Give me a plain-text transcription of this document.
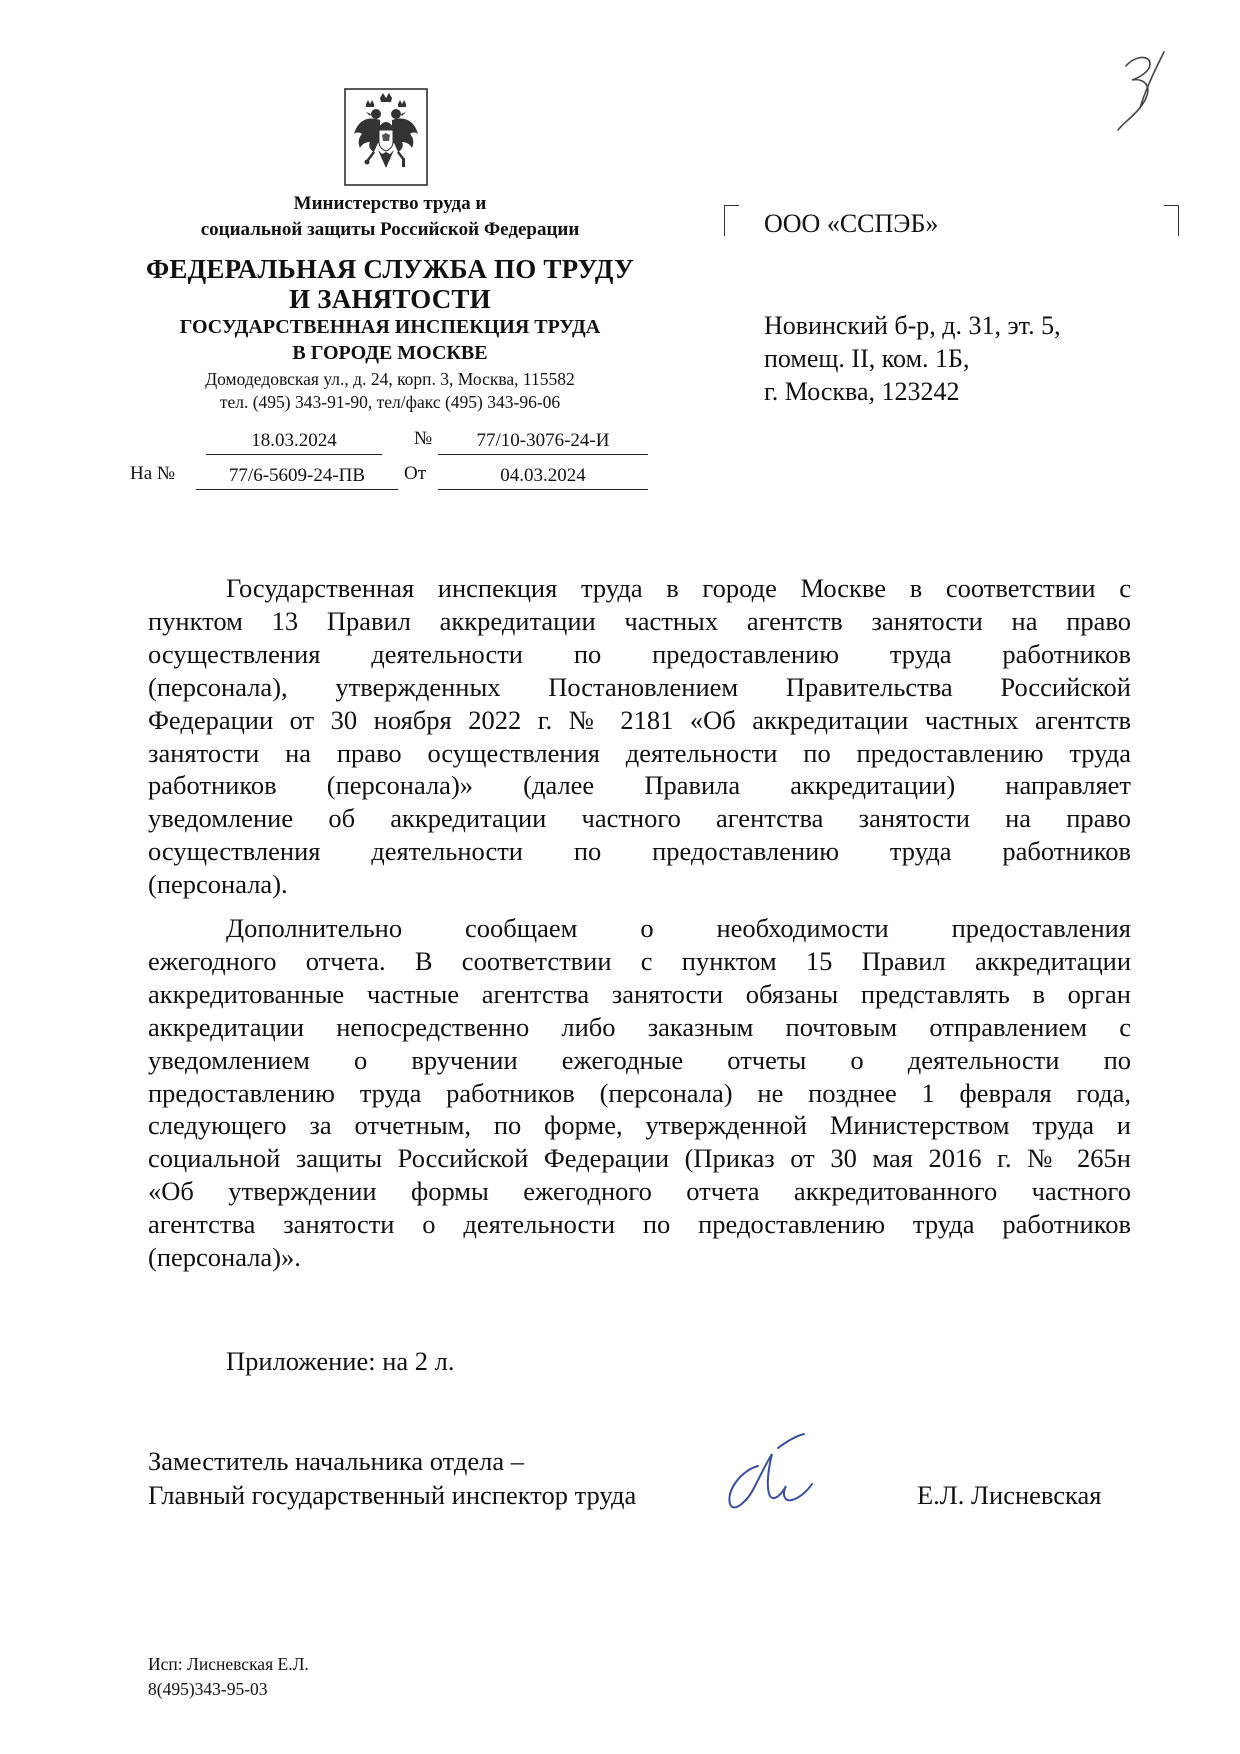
Министерство труда и
социальной защиты Российской Федерации
ФЕДЕРАЛЬНАЯ СЛУЖБА ПО ТРУДУ
И ЗАНЯТОСТИ
ГОСУДАРСТВЕННАЯ ИНСПЕКЦИЯ ТРУДА
В ГОРОДЕ МОСКВЕ
Домодедовская ул., д. 24, корп. 3, Москва, 115582
тел. (495) 343-91-90, тел/факс (495) 343-96-06
18.03.2024	№	77/10-3076-24-И
На №	77/6-5609-24-ПВ	От	04.03.2024
ООО «ССПЭБ»
Новинский б-р, д. 31, эт. 5,
помещ. II, ком. 1Б,
г. Москва, 123242
Государственная инспекция труда в городе Москве в соответствии с
пунктом 13 Правил аккредитации частных агентств занятости на право
осуществления деятельности по предоставлению труда работников
(персонала), утвержденных Постановлением Правительства Российской
Федерации от 30 ноября 2022 г. № 2181 «Об аккредитации частных агентств
занятости на право осуществления деятельности по предоставлению труда
работников (персонала)» (далее Правила аккредитации) направляет
уведомление об аккредитации частного агентства занятости на право
осуществления деятельности по предоставлению труда работников
(персонала).
Дополнительно сообщаем о необходимости предоставления
ежегодного отчета. В соответствии с пунктом 15 Правил аккредитации
аккредитованные частные агентства занятости обязаны представлять в орган
аккредитации непосредственно либо заказным почтовым отправлением с
уведомлением о вручении ежегодные отчеты о деятельности по
предоставлению труда работников (персонала) не позднее 1 февраля года,
следующего за отчетным, по форме, утвержденной Министерством труда и
социальной защиты Российской Федерации (Приказ от 30 мая 2016 г. № 265н
«Об утверждении формы ежегодного отчета аккредитованного частного
агентства занятости о деятельности по предоставлению труда работников
(персонала)».
Приложение: на 2 л.
Заместитель начальника отдела –
Главный государственный инспектор труда	Е.Л. Лисневская
Исп: Лисневская Е.Л.
8(495)343-95-03
